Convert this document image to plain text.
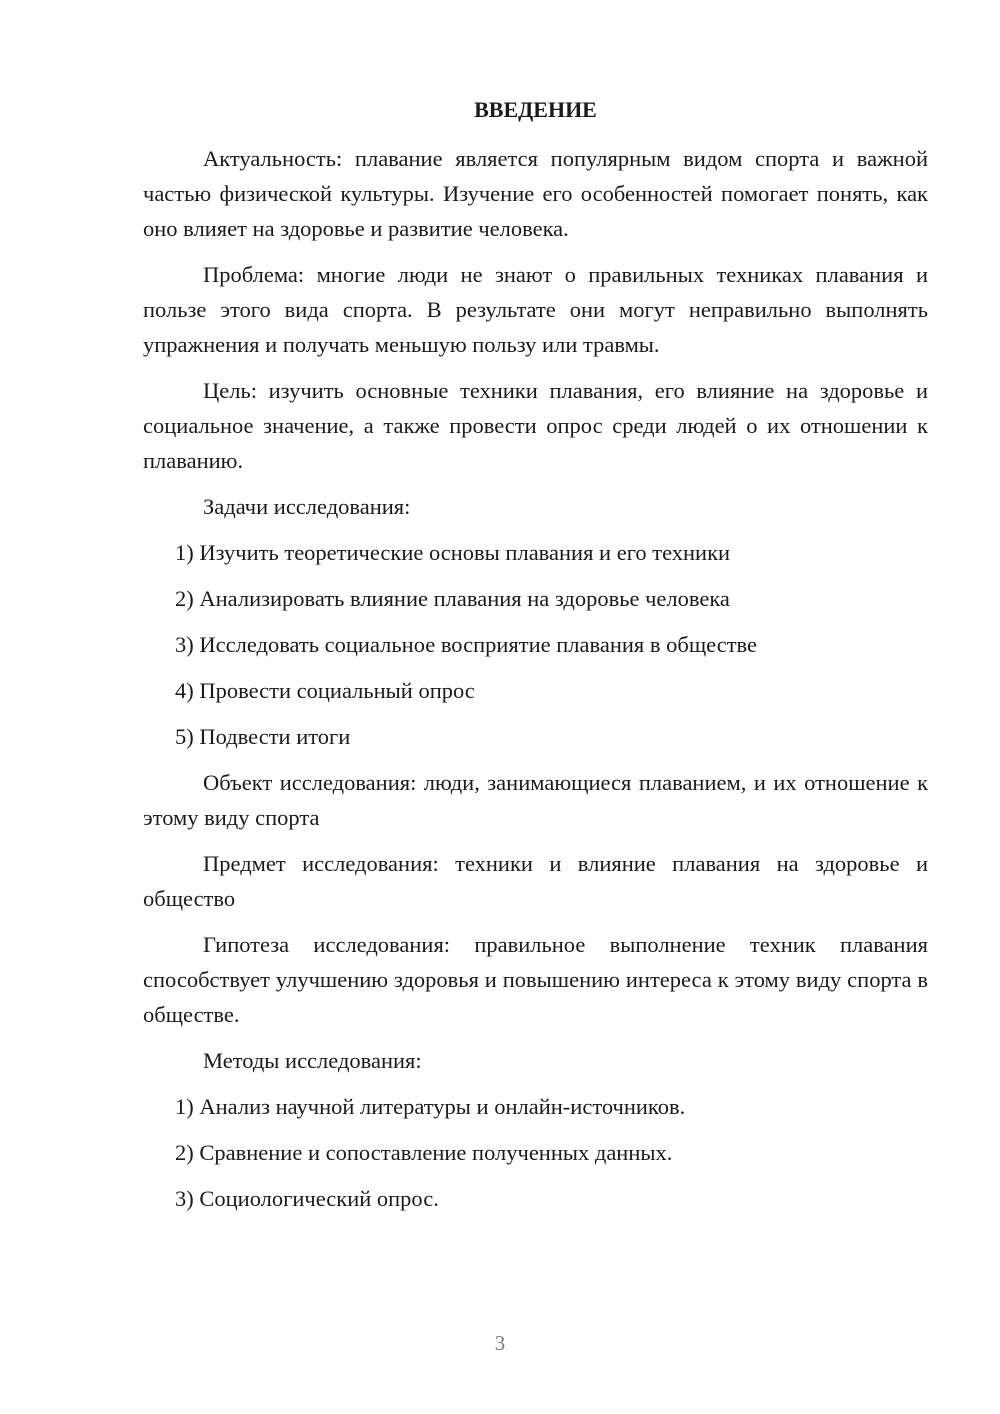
ВВЕДЕНИЕ

Актуальность: плавание является популярным видом спорта и важной частью физической культуры. Изучение его особенностей помогает понять, как оно влияет на здоровье и развитие человека.

Проблема: многие люди не знают о правильных техниках плавания и пользе этого вида спорта. В результате они могут неправильно выполнять упражнения и получать меньшую пользу или травмы.

Цель: изучить основные техники плавания, его влияние на здоровье и социальное значение, а также провести опрос среди людей о их отношении к плаванию.

Задачи исследования:

1) Изучить теоретические основы плавания и его техники
2) Анализировать влияние плавания на здоровье человека
3) Исследовать социальное восприятие плавания в обществе
4) Провести социальный опрос
5) Подвести итоги

Объект исследования: люди, занимающиеся плаванием, и их отношение к этому виду спорта

Предмет исследования: техники и влияние плавания на здоровье и общество

Гипотеза исследования: правильное выполнение техник плавания способствует улучшению здоровья и повышению интереса к этому виду спорта в обществе.

Методы исследования:

1) Анализ научной литературы и онлайн-источников.
2) Сравнение и сопоставление полученных данных.
3) Социологический опрос.
3
